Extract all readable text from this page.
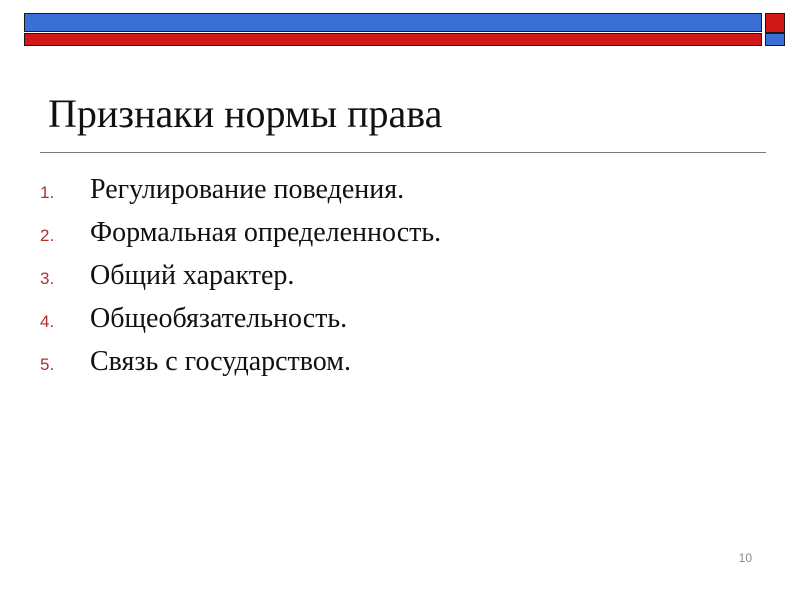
Признаки нормы права
1.	Регулирование поведения.
2.	Формальная определенность.
3.	Общий характер.
4.	Общеобязательность.
5.	Связь с государством.
10
